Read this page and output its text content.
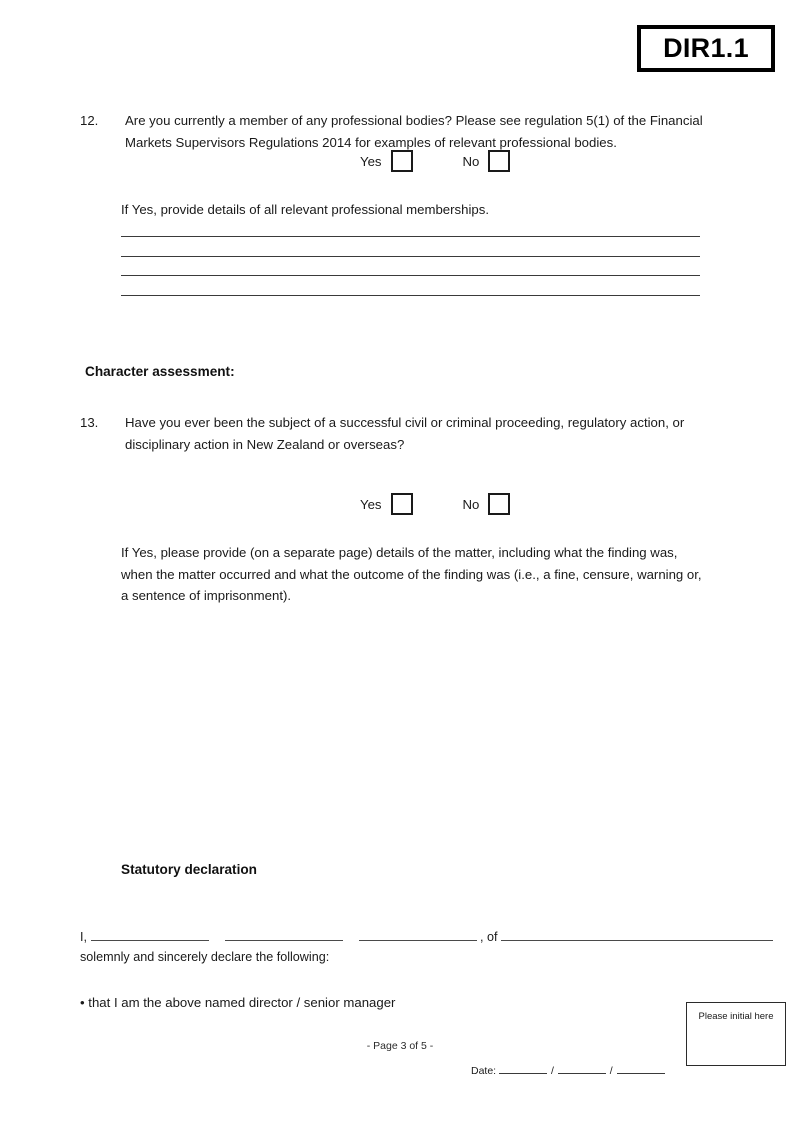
DIR1.1
12.	Are you currently a member of any professional bodies? Please see regulation 5(1) of the Financial Markets Supervisors Regulations 2014 for examples of relevant professional bodies.
Yes	No
If Yes, provide details of all relevant professional memberships.
Character assessment:
13.	Have you ever been the subject of a successful civil or criminal proceeding, regulatory action, or disciplinary action in New Zealand or overseas?
Yes	No
If Yes, please provide (on a separate page) details of the matter, including what the finding was, when the matter occurred and what the outcome of the finding was (i.e., a fine, censure, warning or, a sentence of imprisonment).
Statutory declaration
I,	, of
solemnly and sincerely declare the following:
• that I am the above named director / senior manager
- Page 3 of 5 -
Date:	/	/
Please initial here
